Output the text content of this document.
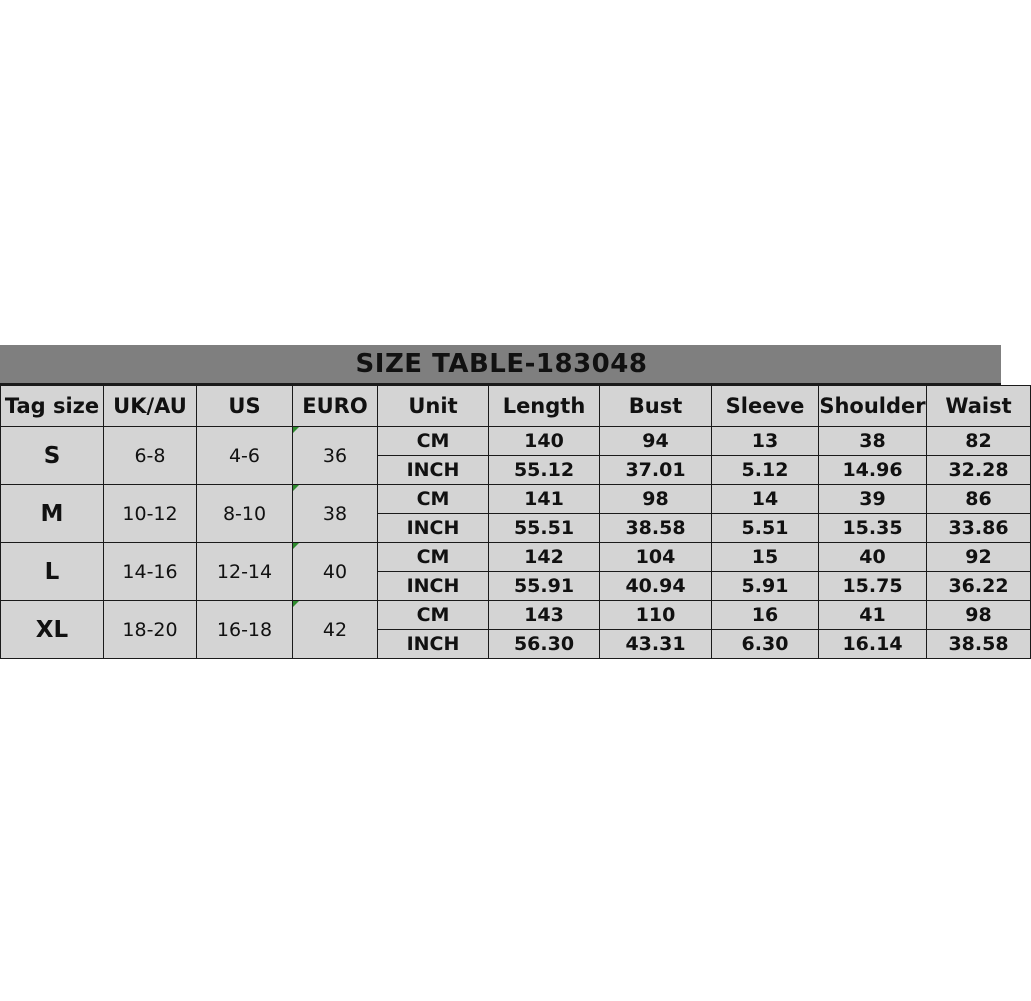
SIZE TABLE-183048
Tag size	UK/AU	US	EURO	Unit	Length	Bust	Sleeve	Shoulder	Waist
S	6-8	4-6	36	CM	140	94	13	38	82
				INCH	55.12	37.01	5.12	14.96	32.28
M	10-12	8-10	38	CM	141	98	14	39	86
				INCH	55.51	38.58	5.51	15.35	33.86
L	14-16	12-14	40	CM	142	104	15	40	92
				INCH	55.91	40.94	5.91	15.75	36.22
XL	18-20	16-18	42	CM	143	110	16	41	98
				INCH	56.30	43.31	6.30	16.14	38.58
